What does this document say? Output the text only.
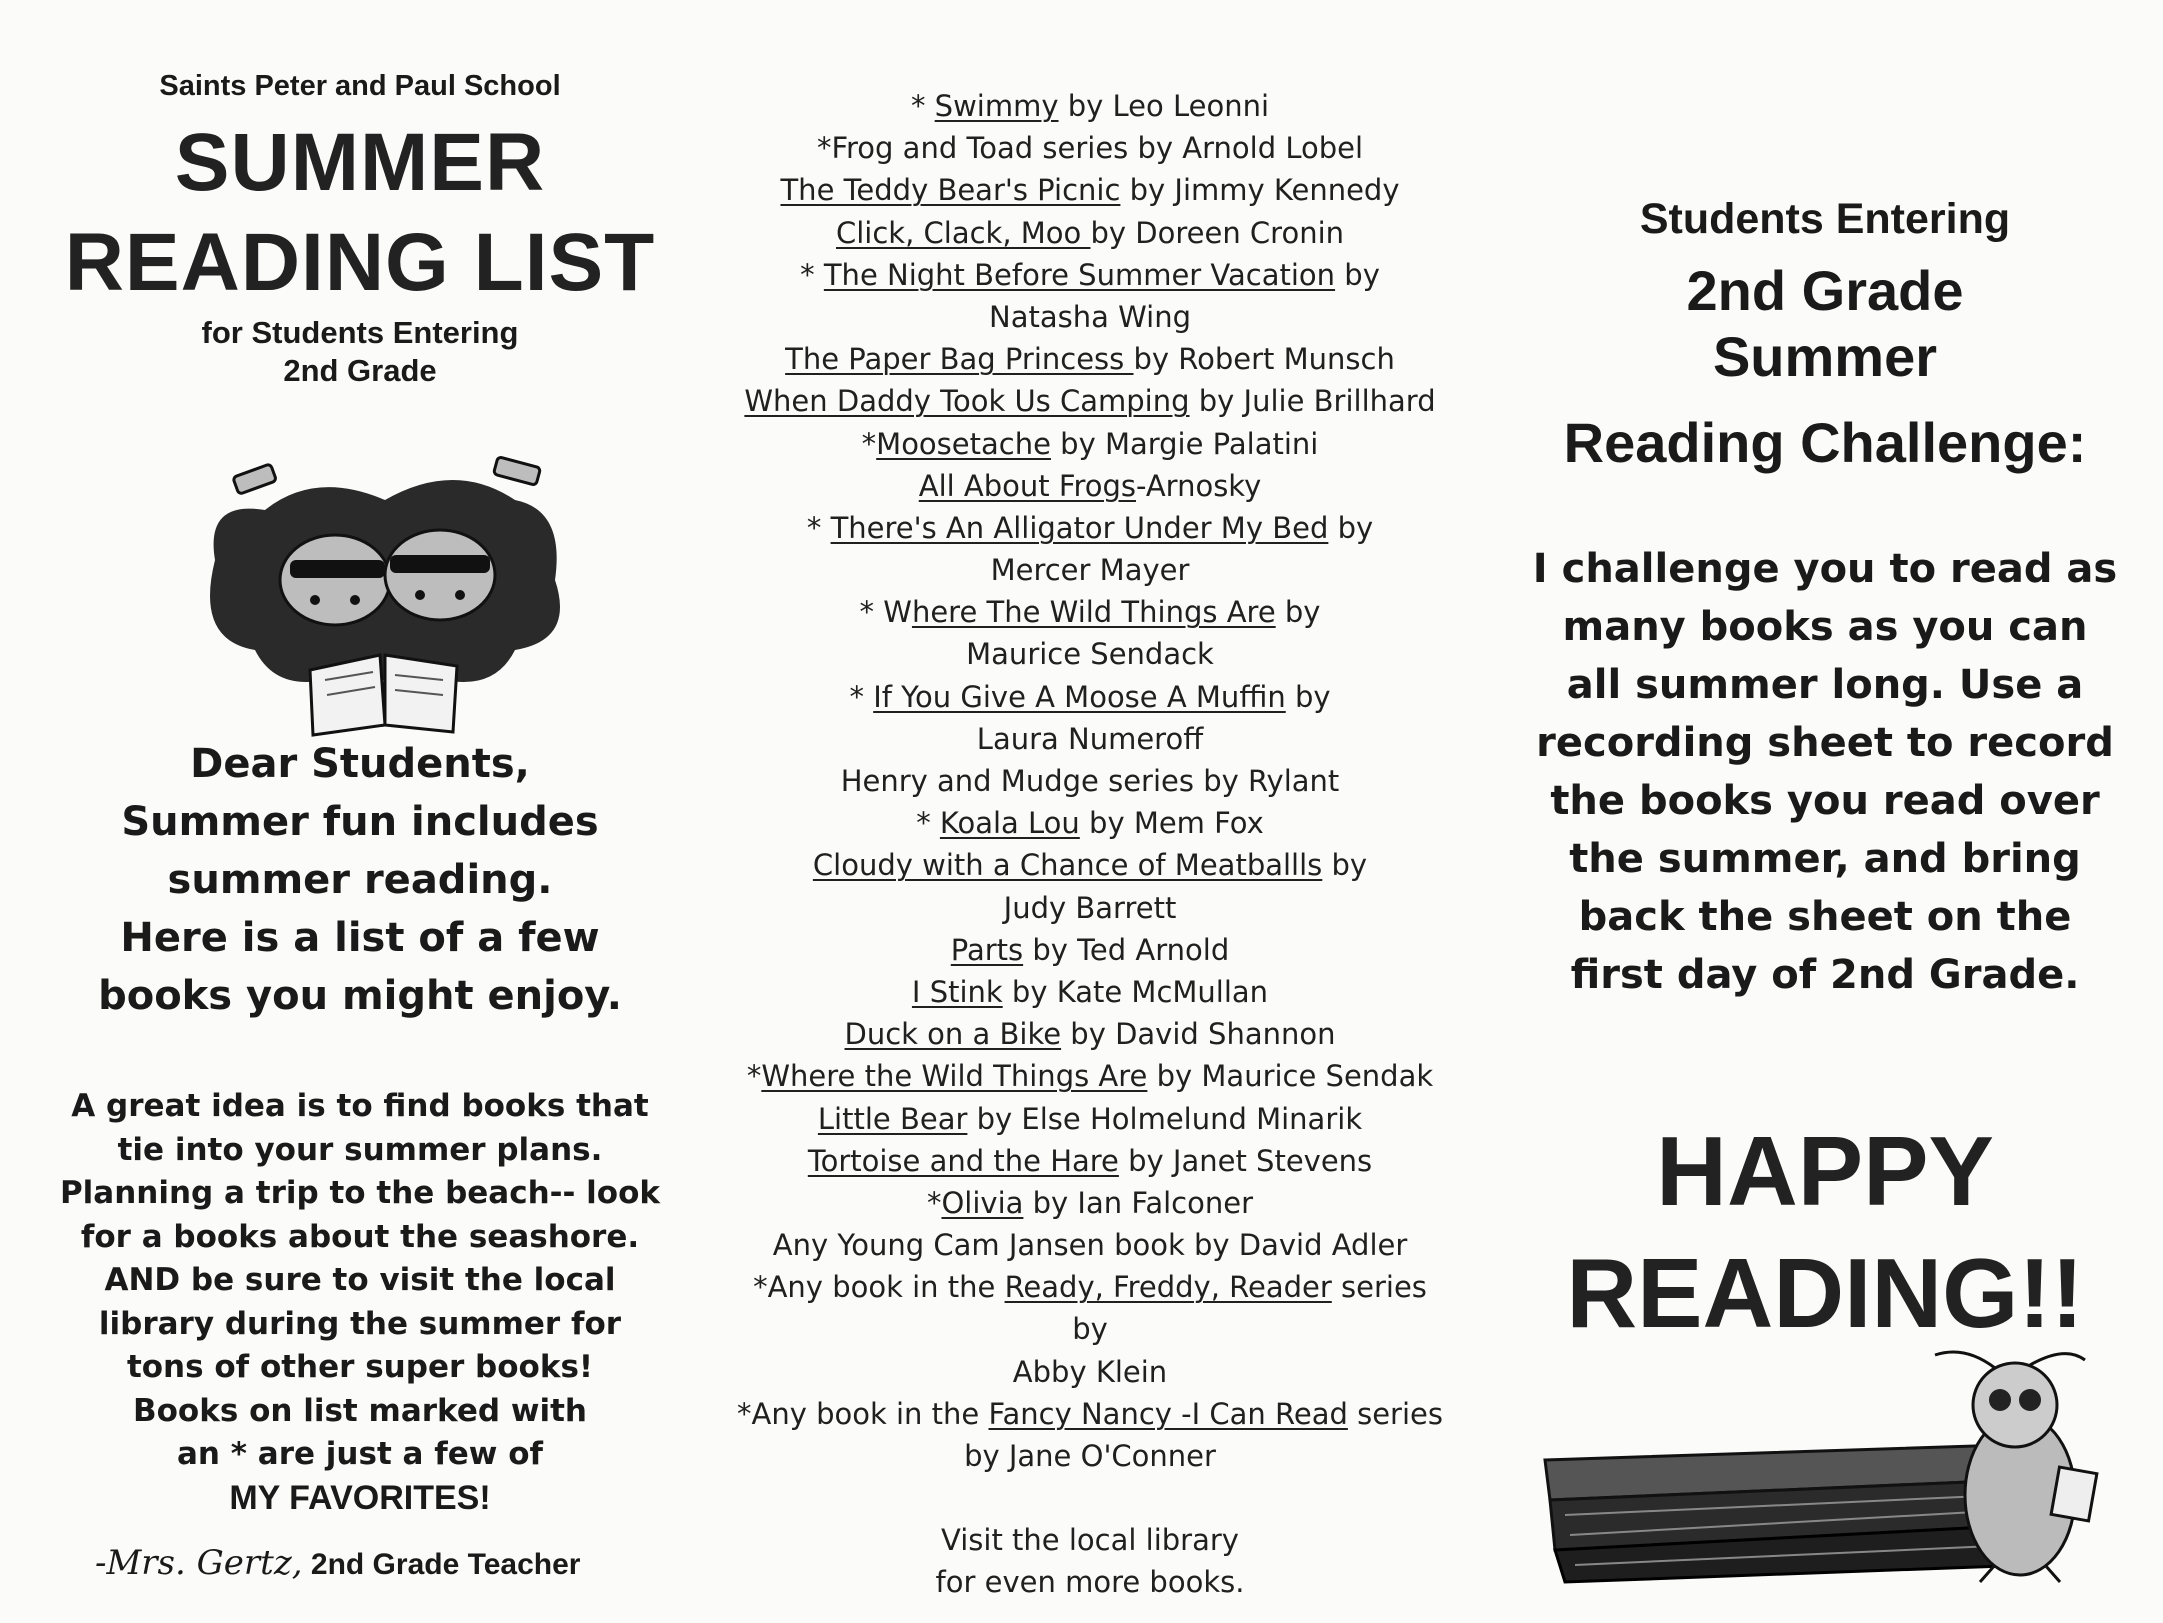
Saints Peter and Paul School
SUMMER
READING LIST
for Students Entering
2nd Grade
Dear Students,
Summer fun includes
summer reading.
Here is a list of a few
books you might enjoy.
A great idea is to find books that
tie into your summer plans.
Planning a trip to the beach-- look
for a books about the seashore.
AND be sure to visit the local
library during the summer for
tons of other super books!
Books on list marked with
an * are just a few of
MY FAVORITES!
-Mrs. Gertz, 2nd Grade Teacher
* Swimmy by Leo Leonni
*Frog and Toad series by Arnold Lobel
The Teddy Bear's Picnic by Jimmy Kennedy
Click, Clack, Moo by Doreen Cronin
* The Night Before Summer Vacation by
Natasha Wing
The Paper Bag Princess by Robert Munsch
When Daddy Took Us Camping by Julie Brillhard
*Moosetache by Margie Palatini
All About Frogs-Arnosky
* There's An Alligator Under My Bed by
Mercer Mayer
* Where The Wild Things Are by
Maurice Sendack
* If You Give A Moose A Muffin by
Laura Numeroff
Henry and Mudge series by Rylant
* Koala Lou by Mem Fox
Cloudy with a Chance of Meatballls by
Judy Barrett
Parts by Ted Arnold
I Stink by Kate McMullan
Duck on a Bike by David Shannon
*Where the Wild Things Are by Maurice Sendak
Little Bear by Else Holmelund Minarik
Tortoise and the Hare by Janet Stevens
*Olivia by Ian Falconer
Any Young Cam Jansen book by David Adler
*Any book in the Ready, Freddy, Reader series
by
Abby Klein
*Any book in the Fancy Nancy -I Can Read series
by Jane O'Conner
Visit the local library
for even more books.
Students Entering
2nd Grade
Summer
Reading Challenge:
I challenge you to read as
many books as you can
all summer long. Use a
recording sheet to record
the books you read over
the summer, and bring
back the sheet on the
first day of 2nd Grade.
HAPPY
READING!!
